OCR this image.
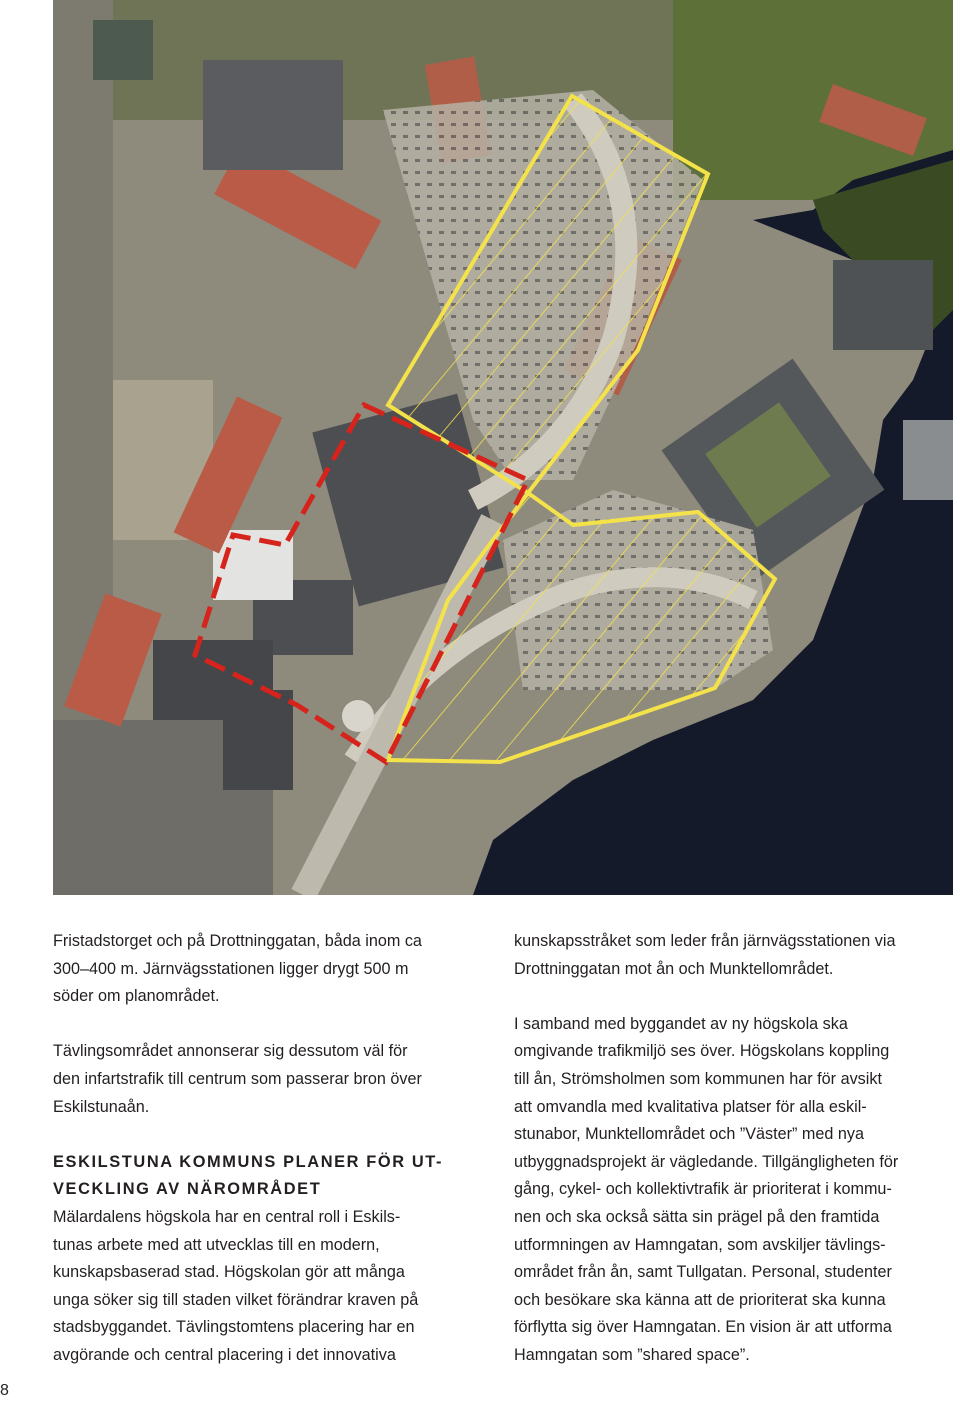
Fristadstorget och på Drottninggatan, båda inom ca
300–400 m. Järnvägsstationen ligger drygt 500 m
söder om planområdet.

Tävlingsområdet annonserar sig dessutom väl för
den infartstrafik till centrum som passerar bron över
Eskilstunaån.

ESKILSTUNA KOMMUNS PLANER FÖR UT-
VECKLING AV NÄROMRÅDET

Mälardalens högskola har en central roll i Eskils-
tunas arbete med att utvecklas till en modern,
kunskapsbaserad stad. Högskolan gör att många
unga söker sig till staden vilket förändrar kraven på
stadsbyggandet. Tävlingstomtens placering har en
avgörande och central placering i det innovativa

kunskapsstråket som leder från järnvägsstationen via
Drottninggatan mot ån och Munktellområdet.

I samband med byggandet av ny högskola ska
omgivande trafikmiljö ses över. Högskolans koppling
till ån, Strömsholmen som kommunen har för avsikt
att omvandla med kvalitativa platser för alla eskil-
stunabor, Munktellområdet och ”Väster” med nya
utbyggnadsprojekt är vägledande. Tillgängligheten för
gång, cykel- och kollektivtrafik är prioriterat i kommu-
nen och ska också sätta sin prägel på den framtida
utformningen av Hamngatan, som avskiljer tävlings-
området från ån, samt Tullgatan. Personal, studenter
och besökare ska känna att de prioriterat ska kunna
förflytta sig över Hamngatan. En vision är att utforma
Hamngatan som ”shared space”.

8
